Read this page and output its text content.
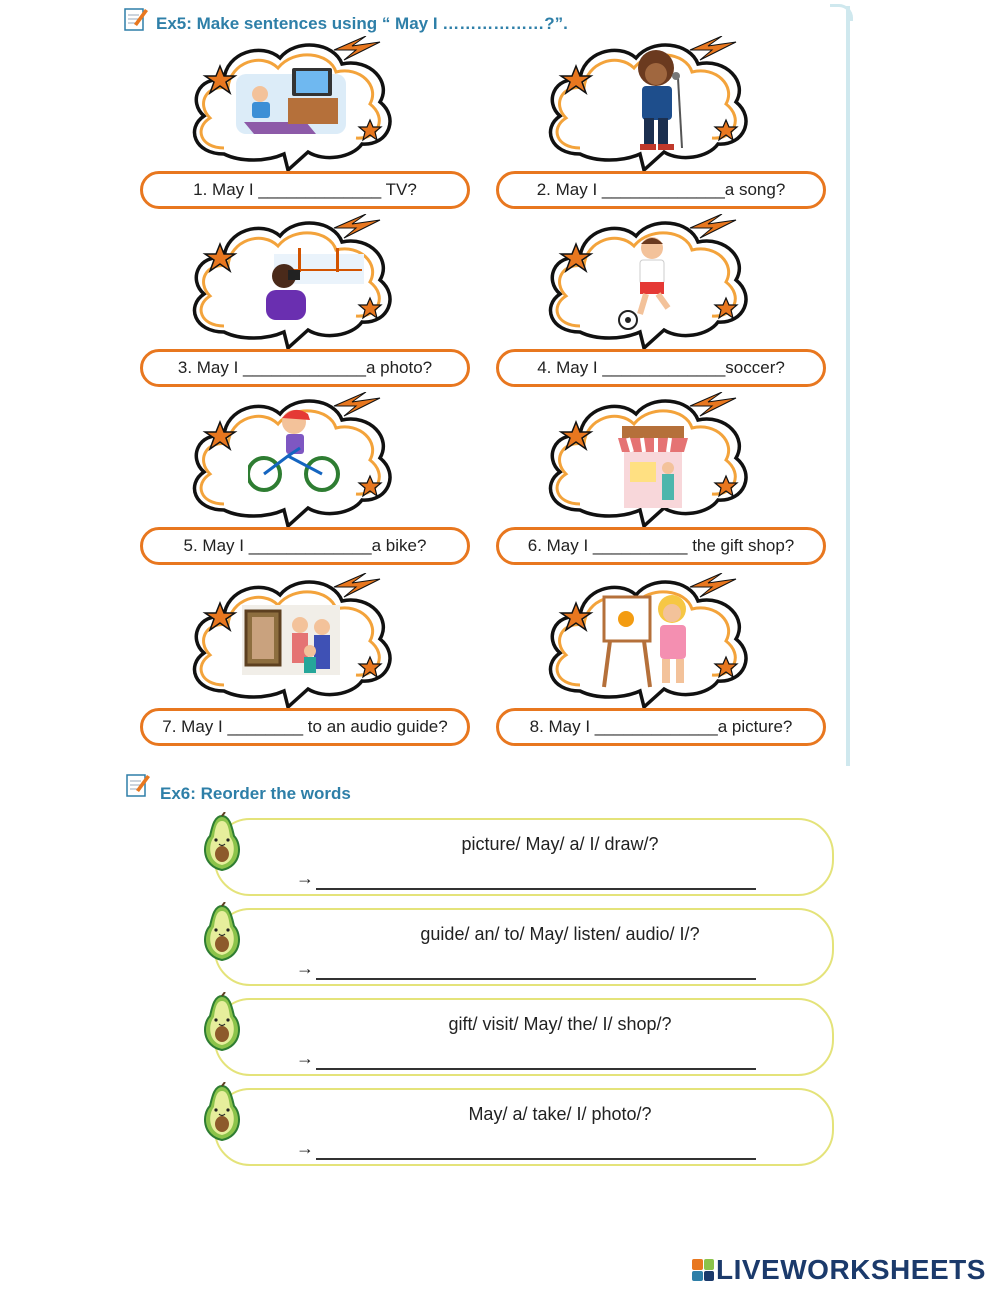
Ex5: Make sentences using “ May I ………………?”.
1. May I _____________ TV?	2. May I _____________a song?
3. May I _____________a photo?	4. May I _____________soccer?
5. May I _____________a bike?	6. May I __________ the gift shop?
7. May I ________ to an audio guide?	8. May I _____________a picture?
Ex6: Reorder the words
picture/ May/ a/ I/ draw/?
→
guide/ an/ to/ May/ listen/ audio/ I/?
→
gift/ visit/ May/ the/ I/ shop/?
→
May/ a/ take/ I/ photo/?
→
LIVEWORKSHEETS
